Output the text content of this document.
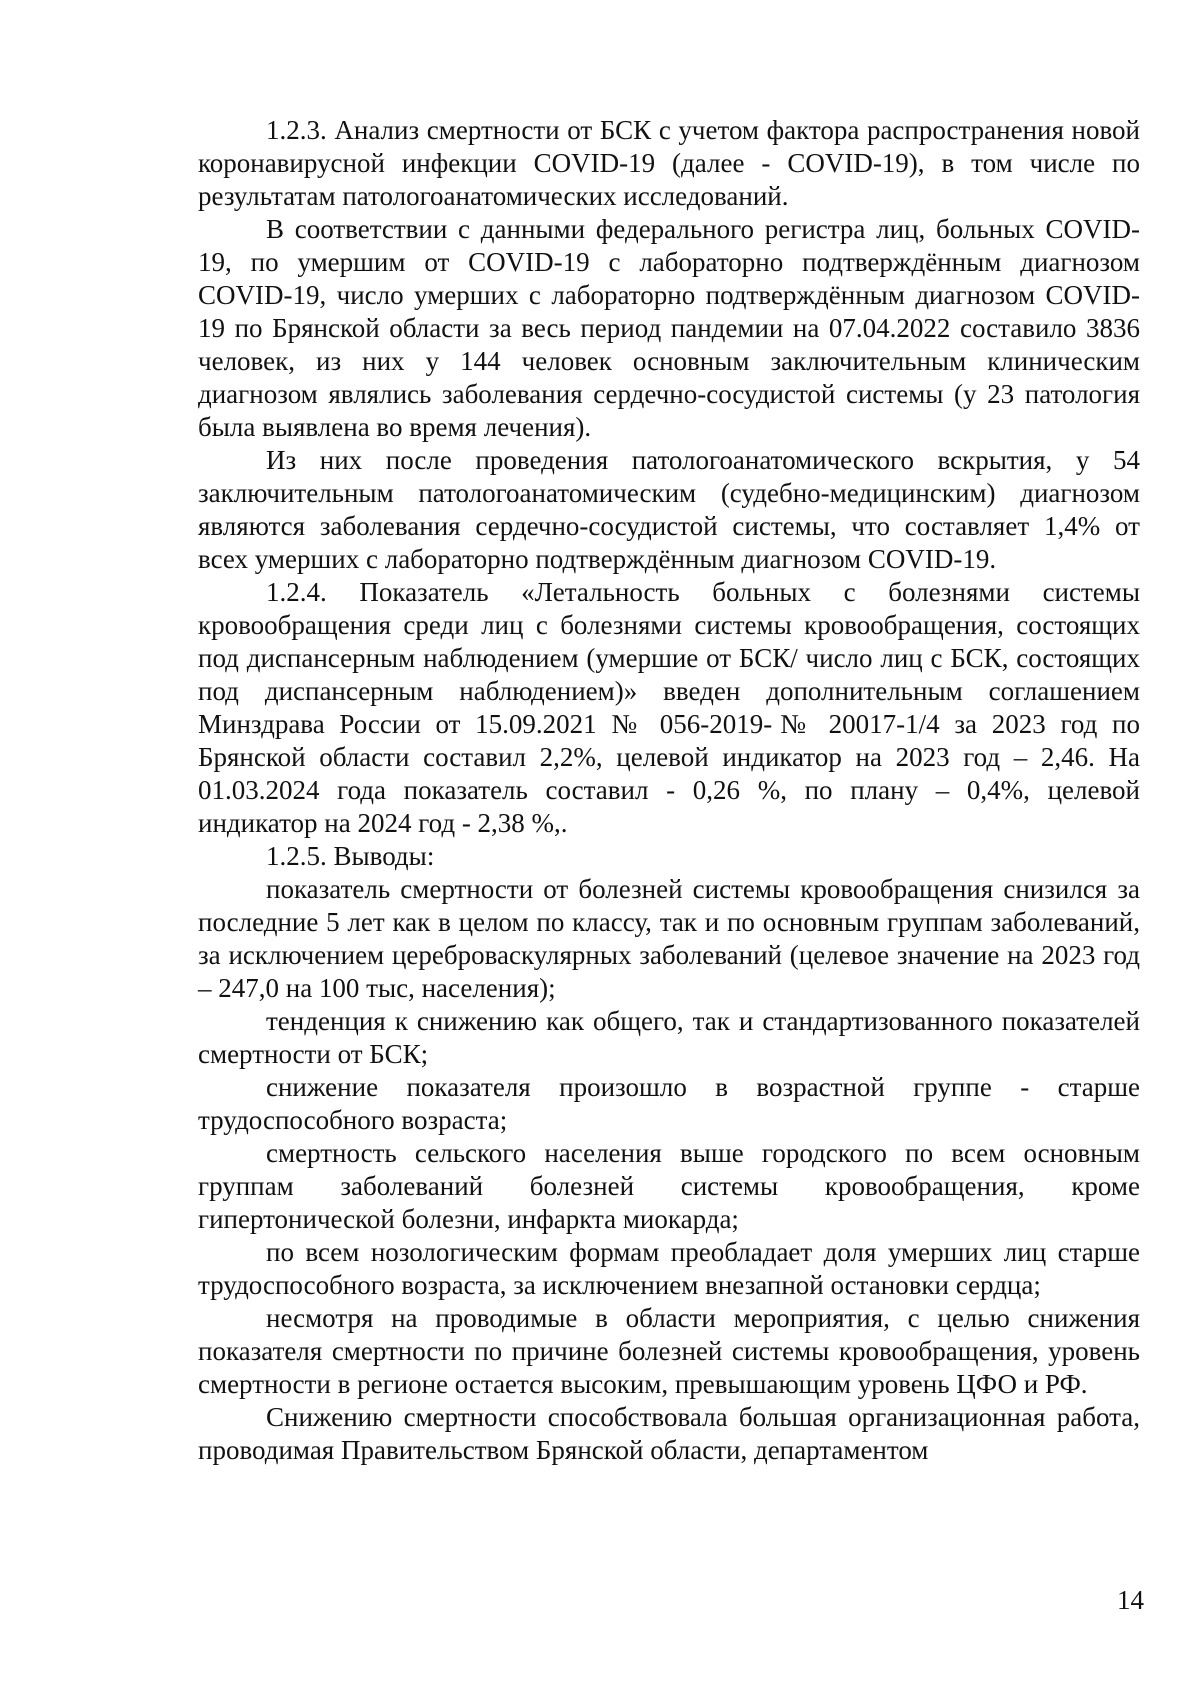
1.2.3. Анализ смертности от БСК с учетом фактора распространения новой коронавирусной инфекции COVID-19 (далее - COVID-19), в том числе по результатам патологоанатомических исследований.

В соответствии с данными федерального регистра лиц, больных COVID-19, по умершим от COVID-19 с лабораторно подтверждённым диагнозом COVID-19, число умерших с лабораторно подтверждённым диагнозом COVID-19 по Брянской области за весь период пандемии на 07.04.2022 составило 3836 человек, из них у 144 человек основным заключительным клиническим диагнозом являлись заболевания сердечно-сосудистой системы (у 23 патология была выявлена во время лечения).

Из них после проведения патологоанатомического вскрытия, у 54 заключительным патологоанатомическим (судебно-медицинским) диагнозом являются заболевания сердечно-сосудистой системы, что составляет 1,4% от всех умерших с лабораторно подтверждённым диагнозом COVID-19.

1.2.4. Показатель «Летальность больных с болезнями системы кровообращения среди лиц с болезнями системы кровообращения, состоящих под диспансерным наблюдением (умершие от БСК/ число лиц с БСК, состоящих под диспансерным наблюдением)» введен дополнительным соглашением Минздрава России от 15.09.2021 № 056-2019-№ 20017-1/4 за 2023 год по Брянской области составил 2,2%, целевой индикатор на 2023 год – 2,46. На 01.03.2024 года показатель составил - 0,26 %, по плану – 0,4%, целевой индикатор на 2024 год - 2,38 %,.

1.2.5. Выводы:

показатель смертности от болезней системы кровообращения снизился за последние 5 лет как в целом по классу, так и по основным группам заболеваний, за исключением цереброваскулярных заболеваний (целевое значение на 2023 год – 247,0 на 100 тыс, населения);

тенденция к снижению как общего, так и стандартизованного показателей смертности от БСК;

снижение показателя произошло в возрастной группе - старше трудоспособного возраста;

смертность сельского населения выше городского по всем основным группам заболеваний болезней системы кровообращения, кроме гипертонической болезни, инфаркта миокарда;

по всем нозологическим формам преобладает доля умерших лиц старше трудоспособного возраста, за исключением внезапной остановки сердца;

несмотря на проводимые в области мероприятия, с целью снижения показателя смертности по причине болезней системы кровообращения, уровень смертности в регионе остается высоким, превышающим уровень ЦФО и РФ.

Снижению смертности способствовала большая организационная работа, проводимая Правительством Брянской области, департаментом

14
